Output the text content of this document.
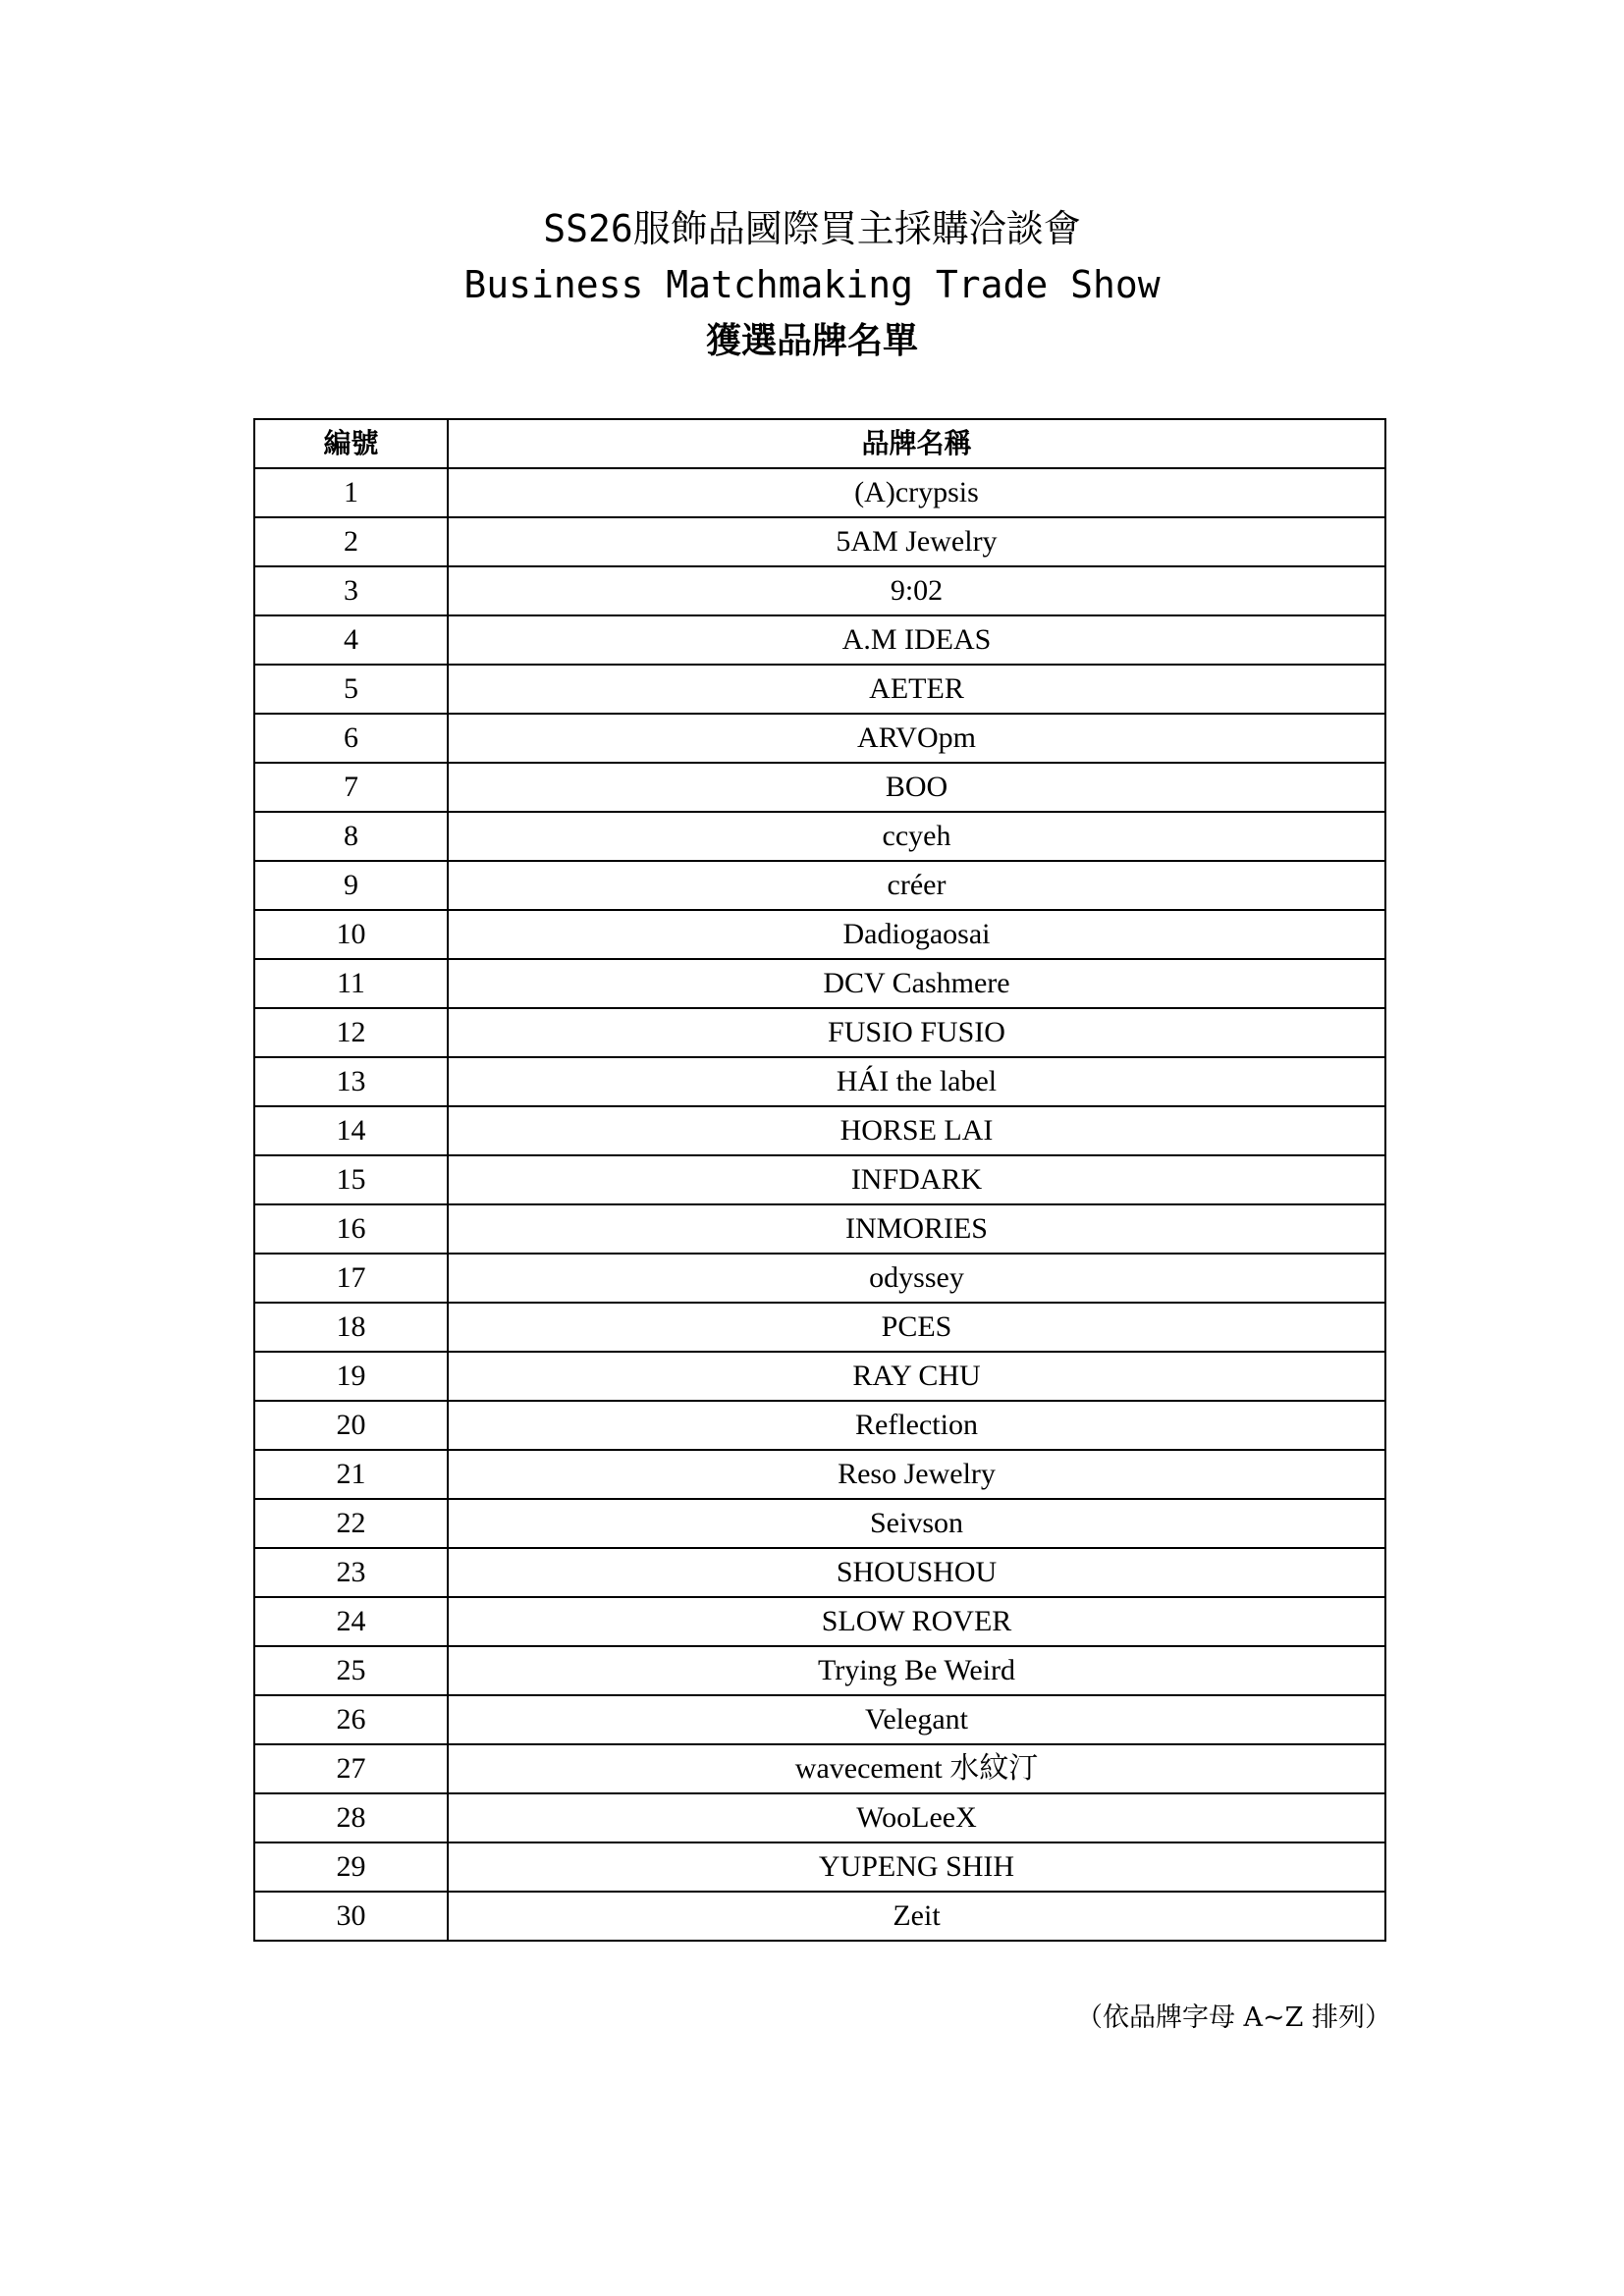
SS26服飾品國際買主採購洽談會
Business Matchmaking Trade Show
獲選品牌名單
編號	品牌名稱
1	(A)crypsis
2	5AM Jewelry
3	9:02
4	A.M IDEAS
5	AETER
6	ARVOpm
7	BOO
8	ccyeh
9	créer
10	Dadiogaosai
11	DCV Cashmere
12	FUSIO FUSIO
13	HÁI the label
14	HORSE LAI
15	INFDARK
16	INMORIES
17	odyssey
18	PCES
19	RAY CHU
20	Reflection
21	Reso Jewelry
22	Seivson
23	SHOUSHOU
24	SLOW ROVER
25	Trying Be Weird
26	Velegant
27	wavecement 水紋汀
28	WooLeeX
29	YUPENG SHIH
30	Zeit
（依品牌字母 A~Z 排列）
